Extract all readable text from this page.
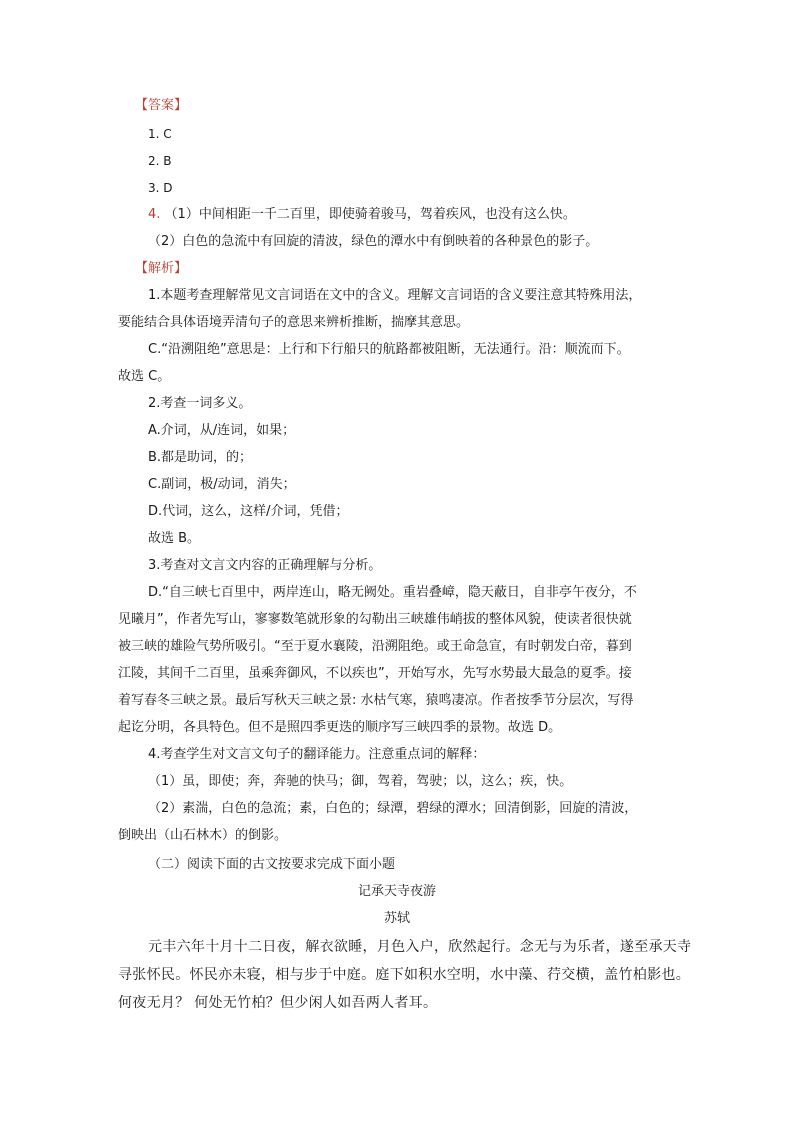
【答案】
1. C
2. B
3. D
4. （1）中间相距一千二百里，即使骑着骏马，驾着疾风，也没有这么快。
（2）白色的急流中有回旋的清波，绿色的潭水中有倒映着的各种景色的影子。
【解析】
1.本题考查理解常见文言词语在文中的含义。理解文言词语的含义要注意其特殊用法，
要能结合具体语境弄清句子的意思来辨析推断，揣摩其意思。
C.“沿溯阻绝”意思是：上行和下行船只的航路都被阻断，无法通行。沿：顺流而下。
故选 C。
2.考查一词多义。
A.介词，从/连词，如果；
B.都是助词，的；
C.副词，极/动词，消失；
D.代词，这么，这样/介词，凭借；
故选 B。
3.考查对文言文内容的正确理解与分析。
D.“自三峡七百里中，两岸连山，略无阙处。重岩叠嶂，隐天蔽日，自非亭午夜分，不
见曦月”，作者先写山，寥寥数笔就形象的勾勒出三峡雄伟峭拔的整体风貌，使读者很快就
被三峡的雄险气势所吸引。“至于夏水襄陵，沿溯阻绝。或王命急宣，有时朝发白帝，暮到
江陵，其间千二百里，虽乘奔御风，不以疾也”，开始写水，先写水势最大最急的夏季。接
着写春冬三峡之景。最后写秋天三峡之景: 水枯气寒，猿鸣凄凉。作者按季节分层次，写得
起讫分明，各具特色。但不是照四季更迭的顺序写三峡四季的景物。故选 D。
4.考查学生对文言文句子的翻译能力。注意重点词的解释：
（1）虽，即使；奔，奔驰的快马；御，驾着，驾驶；以，这么；疾，快。
（2）素湍，白色的急流；素，白色的；绿潭，碧绿的潭水；回清倒影，回旋的清波，
倒映出（山石林木）的倒影。
（二）阅读下面的古文按要求完成下面小题
记承天寺夜游
苏轼
元丰六年十月十二日夜，解衣欲睡，月色入户，欣然起行。念无与为乐者，遂至承天寺
寻张怀民。怀民亦未寝，相与步于中庭。庭下如积水空明，水中藻、荇交横，盖竹柏影也。
何夜无月？ 何处无竹柏？但少闲人如吾两人者耳。
